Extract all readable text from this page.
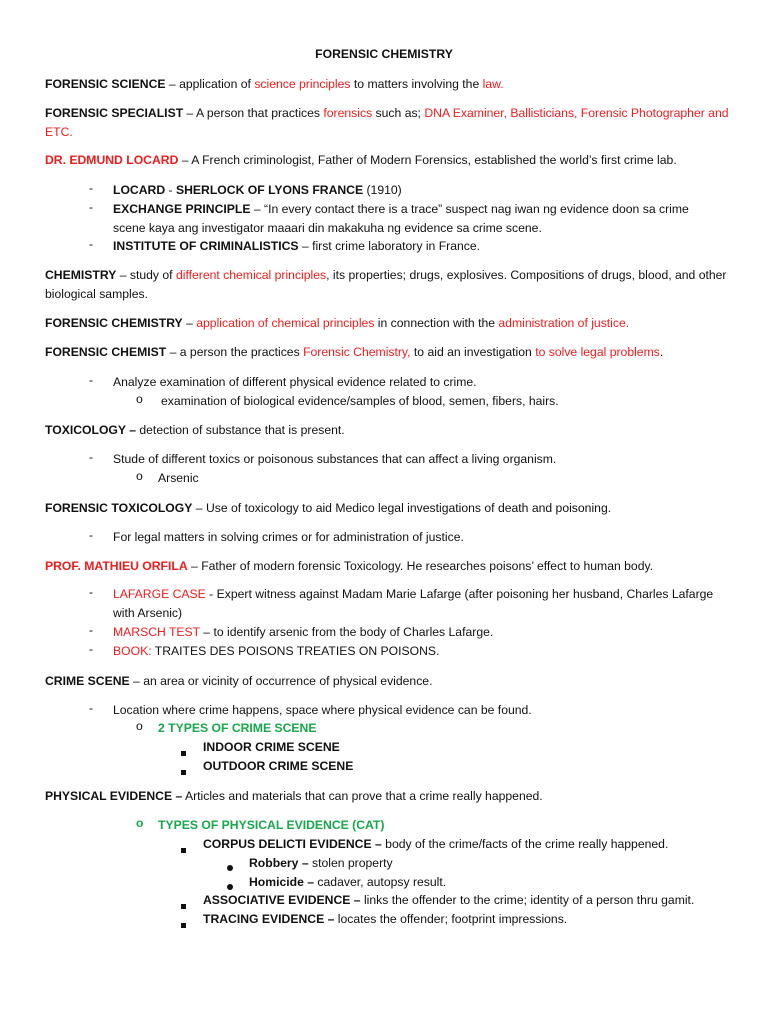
FORENSIC CHEMISTRY

FORENSIC SCIENCE – application of science principles to matters involving the law.

FORENSIC SPECIALIST – A person that practices forensics such as; DNA Examiner, Ballisticians, Forensic Photographer and ETC.

DR. EDMUND LOCARD – A French criminologist, Father of Modern Forensics, established the world’s first crime lab.

- LOCARD - SHERLOCK OF LYONS FRANCE (1910)

- EXCHANGE PRINCIPLE – “In every contact there is a trace” suspect nag iwan ng evidence doon sa crime scene kaya ang investigator maaari din makakuha ng evidence sa crime scene.

- INSTITUTE OF CRIMINALISTICS – first crime laboratory in France.

CHEMISTRY – study of different chemical principles, its properties; drugs, explosives. Compositions of drugs, blood, and other biological samples.

FORENSIC CHEMISTRY – application of chemical principles in connection with the administration of justice.

FORENSIC CHEMIST – a person the practices Forensic Chemistry, to aid an investigation to solve legal problems.

- Analyze examination of different physical evidence related to crime.

o examination of biological evidence/samples of blood, semen, fibers, hairs.

TOXICOLOGY – detection of substance that is present.

- Stude of different toxics or poisonous substances that can affect a living organism.

o Arsenic

FORENSIC TOXICOLOGY – Use of toxicology to aid Medico legal investigations of death and poisoning.

- For legal matters in solving crimes or for administration of justice.

PROF. MATHIEU ORFILA – Father of modern forensic Toxicology. He researches poisons’ effect to human body.

- LAFARGE CASE - Expert witness against Madam Marie Lafarge (after poisoning her husband, Charles Lafarge with Arsenic)

- MARSCH TEST – to identify arsenic from the body of Charles Lafarge.

- BOOK: TRAITES DES POISONS TREATIES ON POISONS.

CRIME SCENE – an area or vicinity of occurrence of physical evidence.

- Location where crime happens, space where physical evidence can be found.

o 2 TYPES OF CRIME SCENE

INDOOR CRIME SCENE

OUTDOOR CRIME SCENE

PHYSICAL EVIDENCE – Articles and materials that can prove that a crime really happened.

o TYPES OF PHYSICAL EVIDENCE (CAT)

CORPUS DELICTI EVIDENCE – body of the crime/facts of the crime really happened.

Robbery – stolen property

Homicide – cadaver, autopsy result.

ASSOCIATIVE EVIDENCE – links the offender to the crime; identity of a person thru gamit.

TRACING EVIDENCE – locates the offender; footprint impressions.
